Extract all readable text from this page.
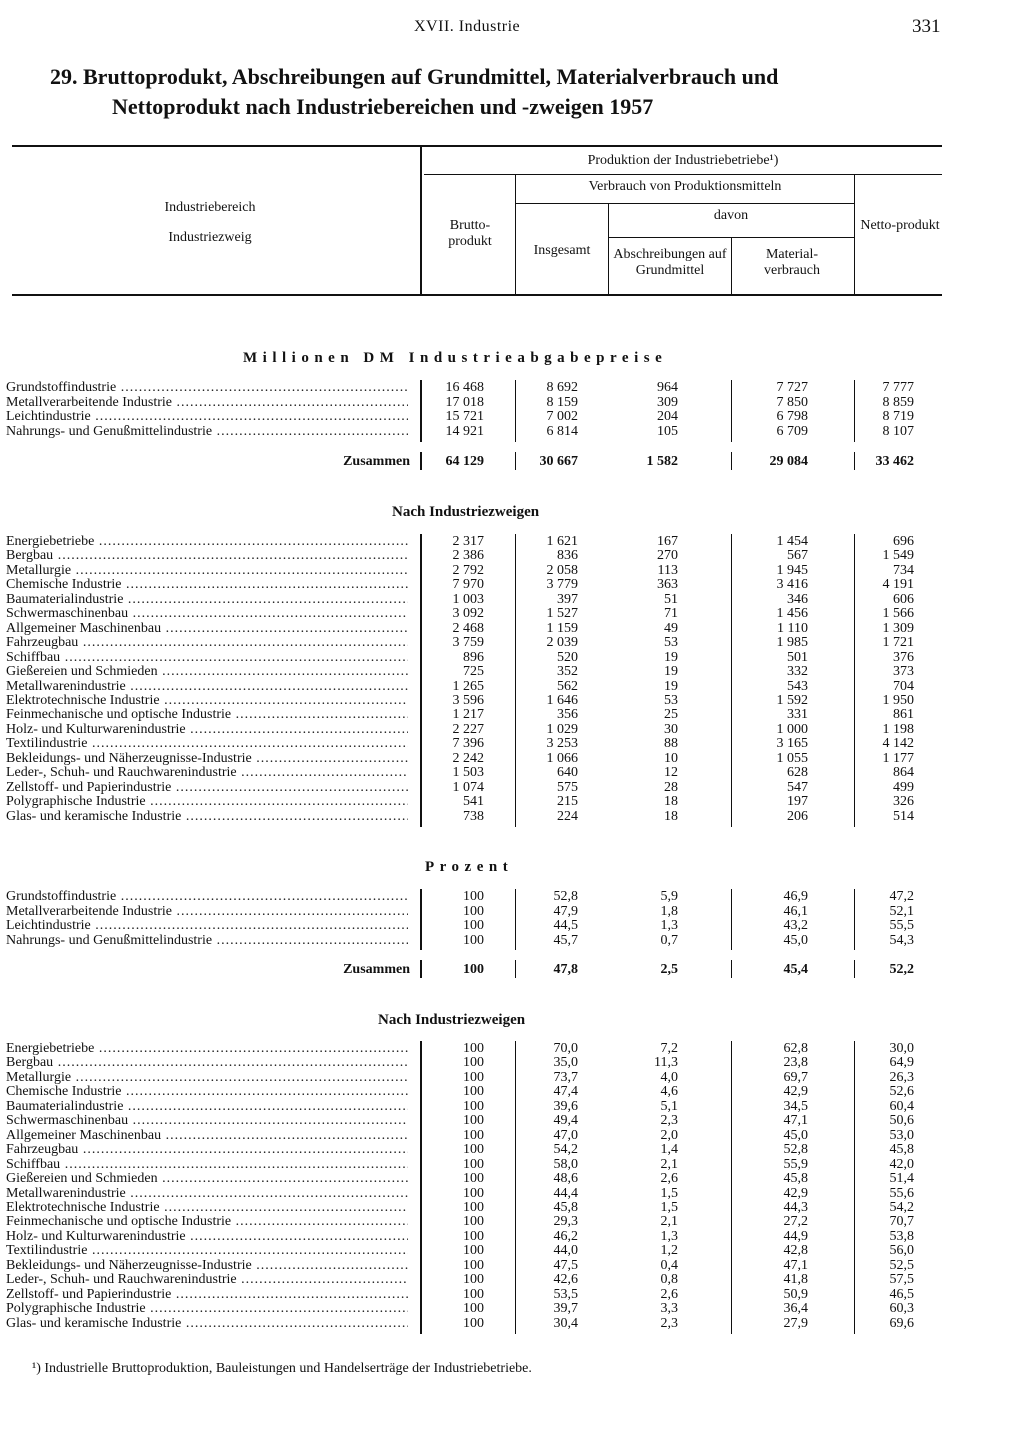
XVII. Industrie	331
29. Bruttoprodukt, Abschreibungen auf Grundmittel, Materialverbrauch und
Nettoprodukt nach Industriebereichen und -zweigen 1957
Industriebereich
Industriezweig
Produktion der Industriebetriebe¹)
Verbrauch von Produktionsmitteln
davon
Brutto-produkt
Insgesamt	Abschreibungen auf Grundmittel
Material-verbrauch
Netto-produkt
Millionen DM Industrieabgabepreise
Nach Industriezweigen
Prozent
Nach Industriezweigen
Grundstoffindustrie .....	16 468	8 692	964	7 727	7 777
Metallverarbeitende Industrie .....	17 018	8 159	309	7 850	8 859
Leichtindustrie .....	15 721	7 002	204	6 798	8 719
Nahrungs- und Genußmittelindustrie .....	14 921	6 814	105	6 709	8 107
Zusammen	64 129	30 667	1 582	29 084	33 462
Energiebetriebe .....	2 317	1 621	167	1 454	696
Bergbau .....	2 386	836	270	567	1 549
Metallurgie .....	2 792	2 058	113	1 945	734
Chemische Industrie .....	7 970	3 779	363	3 416	4 191
Baumaterialindustrie .....	1 003	397	51	346	606
Schwermaschinenbau .....	3 092	1 527	71	1 456	1 566
Allgemeiner Maschinenbau .....	2 468	1 159	49	1 110	1 309
Fahrzeugbau .....	3 759	2 039	53	1 985	1 721
Schiffbau .....	896	520	19	501	376
Gießereien und Schmieden .....	725	352	19	332	373
Metallwarenindustrie .....	1 265	562	19	543	704
Elektrotechnische Industrie .....	3 596	1 646	53	1 592	1 950
Feinmechanische und optische Industrie .....	1 217	356	25	331	861
Holz- und Kulturwarenindustrie .....	2 227	1 029	30	1 000	1 198
Textilindustrie .....	7 396	3 253	88	3 165	4 142
Bekleidungs- und Näherzeugnisse-Industrie .....	2 242	1 066	10	1 055	1 177
Leder-, Schuh- und Rauchwarenindustrie .....	1 503	640	12	628	864
Zellstoff- und Papierindustrie .....	1 074	575	28	547	499
Polygraphische Industrie .....	541	215	18	197	326
Glas- und keramische Industrie .....	738	224	18	206	514
Grundstoffindustrie .....	100	52,8	5,9	46,9	47,2
Metallverarbeitende Industrie .....	100	47,9	1,8	46,1	52,1
Leichtindustrie .....	100	44,5	1,3	43,2	55,5
Nahrungs- und Genußmittelindustrie .....	100	45,7	0,7	45,0	54,3
Zusammen	100	47,8	2,5	45,4	52,2
Energiebetriebe .....	100	70,0	7,2	62,8	30,0
Bergbau .....	100	35,0	11,3	23,8	64,9
Metallurgie .....	100	73,7	4,0	69,7	26,3
Chemische Industrie .....	100	47,4	4,6	42,9	52,6
Baumaterialindustrie .....	100	39,6	5,1	34,5	60,4
Schwermaschinenbau .....	100	49,4	2,3	47,1	50,6
Allgemeiner Maschinenbau .....	100	47,0	2,0	45,0	53,0
Fahrzeugbau .....	100	54,2	1,4	52,8	45,8
Schiffbau .....	100	58,0	2,1	55,9	42,0
Gießereien und Schmieden .....	100	48,6	2,6	45,8	51,4
Metallwarenindustrie .....	100	44,4	1,5	42,9	55,6
Elektrotechnische Industrie .....	100	45,8	1,5	44,3	54,2
Feinmechanische und optische Industrie .....	100	29,3	2,1	27,2	70,7
Holz- und Kulturwarenindustrie .....	100	46,2	1,3	44,9	53,8
Textilindustrie .....	100	44,0	1,2	42,8	56,0
Bekleidungs- und Näherzeugnisse-Industrie .....	100	47,5	0,4	47,1	52,5
Leder-, Schuh- und Rauchwarenindustrie .....	100	42,6	0,8	41,8	57,5
Zellstoff- und Papierindustrie .....	100	53,5	2,6	50,9	46,5
Polygraphische Industrie .....	100	39,7	3,3	36,4	60,3
Glas- und keramische Industrie .....	100	30,4	2,3	27,9	69,6
¹) Industrielle Bruttoproduktion, Bauleistungen und Handelserträge der Industriebetriebe.
